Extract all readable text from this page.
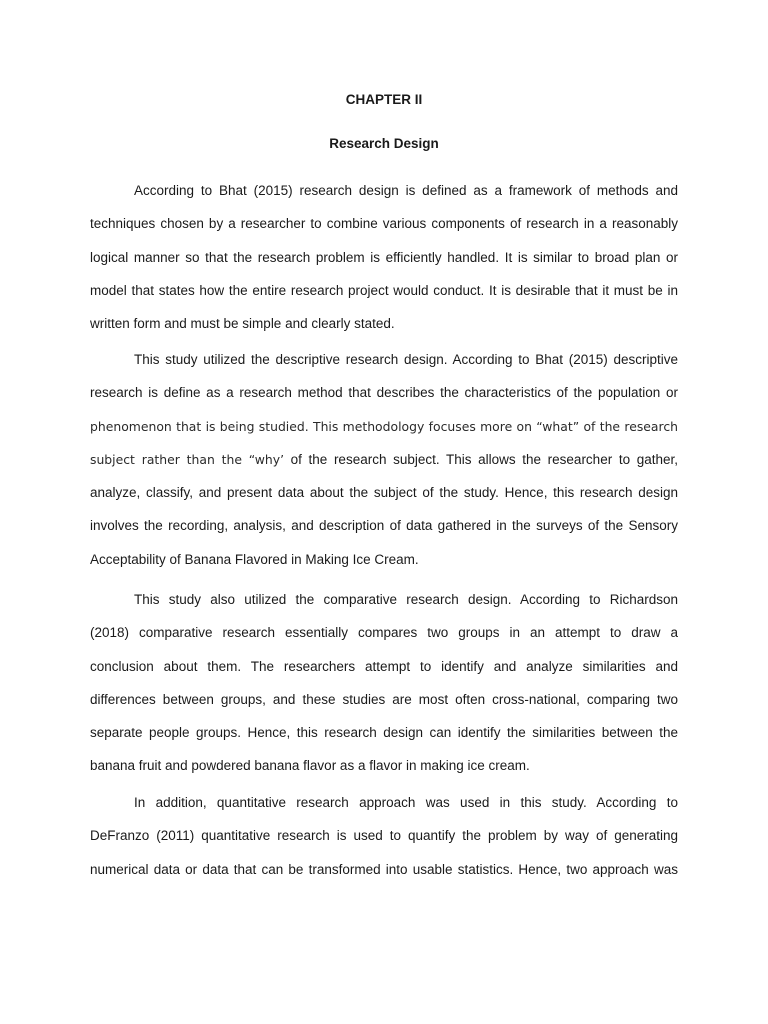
CHAPTER II
Research Design

According to Bhat (2015) research design is defined as a framework of methods and
techniques chosen by a researcher to combine various components of research in a reasonably
logical manner so that the research problem is efficiently handled. It is similar to broad plan or
model that states how the entire research project would conduct. It is desirable that it must be in
written form and must be simple and clearly stated.

This study utilized the descriptive research design. According to Bhat (2015) descriptive
research is define as a research method that describes the characteristics of the population or
phenomenon that is being studied. This methodology focuses more on “what” of the research
subject rather than the “why’ of the research subject. This allows the researcher to gather,
analyze, classify, and present data about the subject of the study. Hence, this research design
involves the recording, analysis, and description of data gathered in the surveys of the Sensory
Acceptability of Banana Flavored in Making Ice Cream.

This study also utilized the comparative research design. According to Richardson
(2018) comparative research essentially compares two groups in an attempt to draw a
conclusion about them. The researchers attempt to identify and analyze similarities and
differences between groups, and these studies are most often cross-national, comparing two
separate people groups. Hence, this research design can identify the similarities between the
banana fruit and powdered banana flavor as a flavor in making ice cream.

In addition, quantitative research approach was used in this study. According to
DeFranzo (2011) quantitative research is used to quantify the problem by way of generating
numerical data or data that can be transformed into usable statistics. Hence, two approach was
